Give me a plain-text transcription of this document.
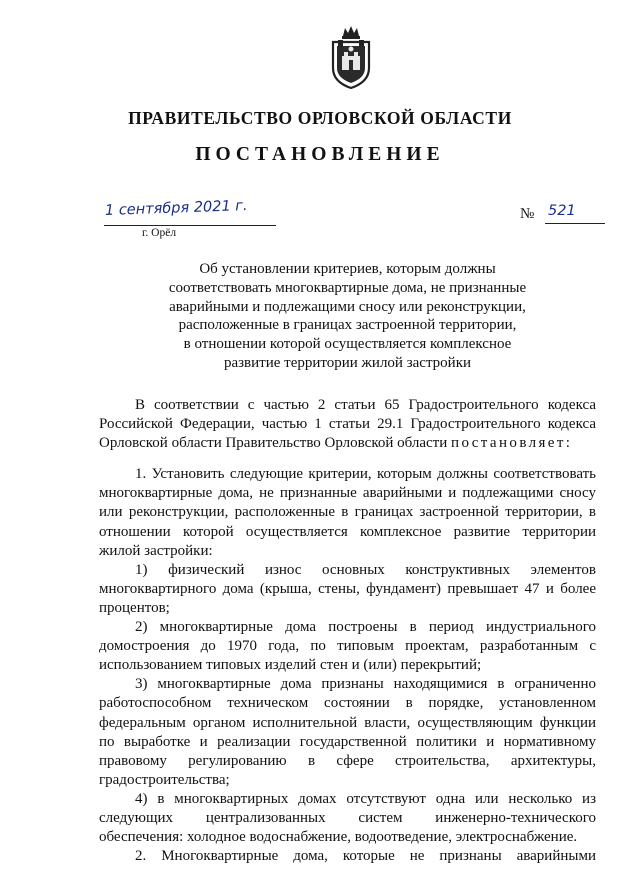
ПРАВИТЕЛЬСТВО ОРЛОВСКОЙ ОБЛАСТИ
ПОСТАНОВЛЕНИЕ
1 сентября 2021 г.
г. Орёл
№ 521
Об установлении критериев, которым должны
соответствовать многоквартирные дома, не признанные
аварийными и подлежащими сносу или реконструкции,
расположенные в границах застроенной территории,
в отношении которой осуществляется комплексное
развитие территории жилой застройки

В соответствии с частью 2 статьи 65 Градостроительного кодекса Российской Федерации, частью 1 статьи 29.1 Градостроительного кодекса Орловской области Правительство Орловской области постановляет:

1. Установить следующие критерии, которым должны соответствовать многоквартирные дома, не признанные аварийными и подлежащими сносу или реконструкции, расположенные в границах застроенной территории, в отношении которой осуществляется комплексное развитие территории жилой застройки:

1) физический износ основных конструктивных элементов многоквартирного дома (крыша, стены, фундамент) превышает 47 и более процентов;

2) многоквартирные дома построены в период индустриального домостроения до 1970 года, по типовым проектам, разработанным с использованием типовых изделий стен и (или) перекрытий;

3) многоквартирные дома признаны находящимися в ограниченно работоспособном техническом состоянии в порядке, установленном федеральным органом исполнительной власти, осуществляющим функции по выработке и реализации государственной политики и нормативному правовому регулированию в сфере строительства, архитектуры, градостроительства;

4) в многоквартирных домах отсутствуют одна или несколько из следующих централизованных систем инженерно-технического обеспечения: холодное водоснабжение, водоотведение, электроснабжение.

2. Многоквартирные дома, которые не признаны аварийными
